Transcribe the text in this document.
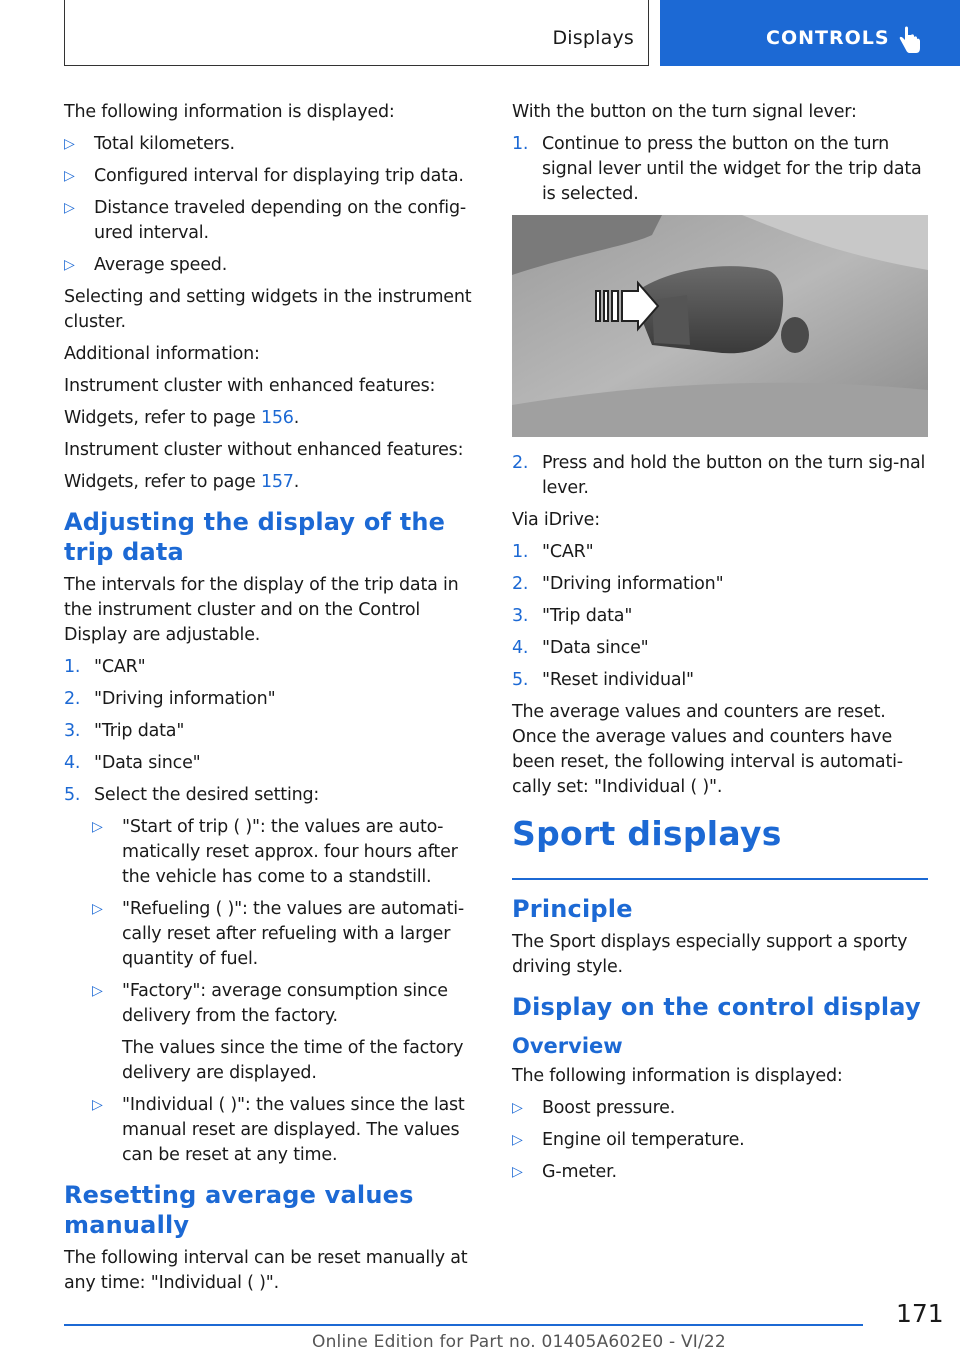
Displays	CONTROLS

The following information is displayed:

▷ Total kilometers.
▷ Configured interval for displaying trip data.
▷ Distance traveled depending on the config‐ured interval.
▷ Average speed.

Selecting and setting widgets in the instrument cluster.

Additional information:

Instrument cluster with enhanced features:

Widgets, refer to page 156.

Instrument cluster without enhanced features:

Widgets, refer to page 157.

Adjusting the display of the trip data

The intervals for the display of the trip data in the instrument cluster and on the Control Display are adjustable.

1. "CAR"
2. "Driving information"
3. "Trip data"
4. "Data since"
5. Select the desired setting:
▷ "Start of trip ( )": the values are auto‐matically reset approx. four hours after the vehicle has come to a standstill.
▷ "Refueling ( )": the values are automati‐cally reset after refueling with a larger quantity of fuel.
▷ "Factory": average consumption since delivery from the factory.
The values since the time of the factory delivery are displayed.
▷ "Individual ( )": the values since the last manual reset are displayed. The values can be reset at any time.
Resetting average values manually

The following interval can be reset manually at any time: "Individual ( )".

With the button on the turn signal lever:

1. Continue to press the button on the turn signal lever until the widget for the trip data is selected.
2. Press and hold the button on the turn sig‐nal lever.

Via iDrive:

1. "CAR"
2. "Driving information"
3. "Trip data"
4. "Data since"
5. "Reset individual"

The average values and counters are reset. Once the average values and counters have been reset, the following interval is automati‐cally set: "Individual ( )".

Sport displays
Principle

The Sport displays especially support a sporty driving style.

Display on the control display
Overview

The following information is displayed:

▷ Boost pressure.
▷ Engine oil temperature.
▷ G-meter.
171
Online Edition for Part no. 01405A602E0 - VI/22
